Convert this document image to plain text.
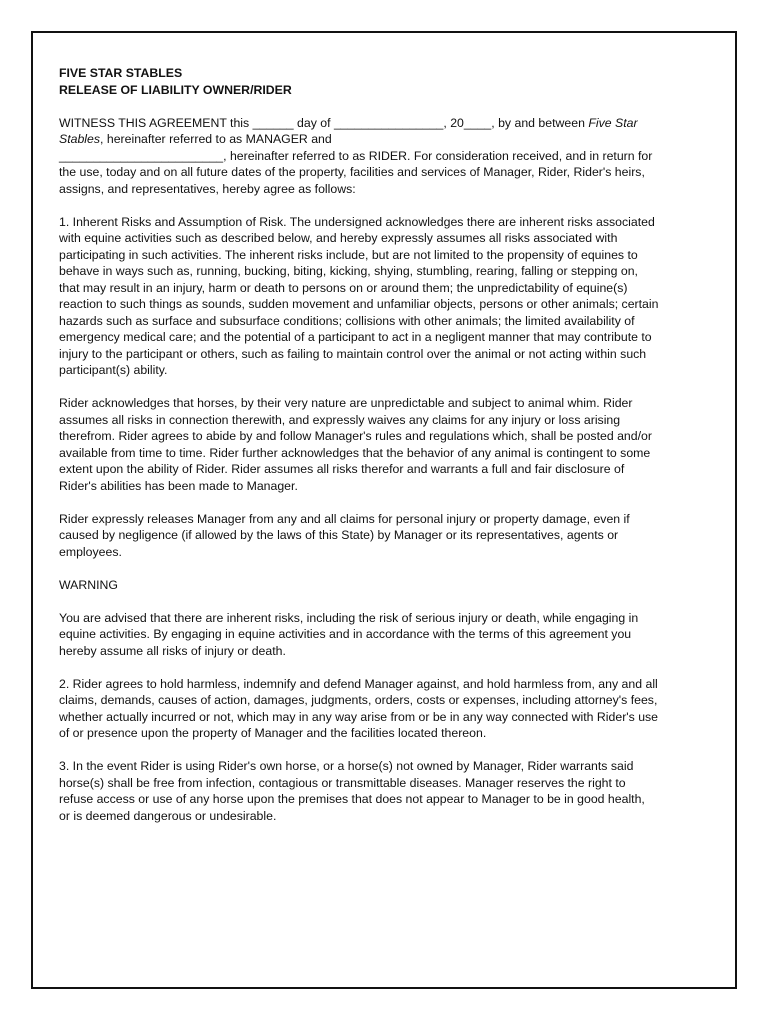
FIVE STAR STABLES
RELEASE OF LIABILITY OWNER/RIDER

WITNESS THIS AGREEMENT this ______ day of ________________, 20____, by and between Five Star Stables, hereinafter referred to as MANAGER and
________________________, hereinafter referred to as RIDER. For consideration received, and in return for the use, today and on all future dates of the property, facilities and services of Manager, Rider, Rider's heirs, assigns, and representatives, hereby agree as follows:

1. Inherent Risks and Assumption of Risk. The undersigned acknowledges there are inherent risks associated with equine activities such as described below, and hereby expressly assumes all risks associated with participating in such activities. The inherent risks include, but are not limited to the propensity of equines to behave in ways such as, running, bucking, biting, kicking, shying, stumbling, rearing, falling or stepping on, that may result in an injury, harm or death to persons on or around them; the unpredictability of equine(s) reaction to such things as sounds, sudden movement and unfamiliar objects, persons or other animals; certain hazards such as surface and subsurface conditions; collisions with other animals; the limited availability of emergency medical care; and the potential of a participant to act in a negligent manner that may contribute to injury to the participant or others, such as failing to maintain control over the animal or not acting within such participant(s) ability.

Rider acknowledges that horses, by their very nature are unpredictable and subject to animal whim. Rider assumes all risks in connection therewith, and expressly waives any claims for any injury or loss arising therefrom. Rider agrees to abide by and follow Manager's rules and regulations which, shall be posted and/or available from time to time. Rider further acknowledges that the behavior of any animal is contingent to some extent upon the ability of Rider. Rider assumes all risks therefor and warrants a full and fair disclosure of Rider's abilities has been made to Manager.

Rider expressly releases Manager from any and all claims for personal injury or property damage, even if caused by negligence (if allowed by the laws of this State) by Manager or its representatives, agents or employees.

WARNING

You are advised that there are inherent risks, including the risk of serious injury or death, while engaging in equine activities. By engaging in equine activities and in accordance with the terms of this agreement you hereby assume all risks of injury or death.

2. Rider agrees to hold harmless, indemnify and defend Manager against, and hold harmless from, any and all claims, demands, causes of action, damages, judgments, orders, costs or expenses, including attorney's fees, whether actually incurred or not, which may in any way arise from or be in any way connected with Rider's use of or presence upon the property of Manager and the facilities located thereon.

3. In the event Rider is using Rider's own horse, or a horse(s) not owned by Manager, Rider warrants said horse(s) shall be free from infection, contagious or transmittable diseases. Manager reserves the right to refuse access or use of any horse upon the premises that does not appear to Manager to be in good health, or is deemed dangerous or undesirable.
